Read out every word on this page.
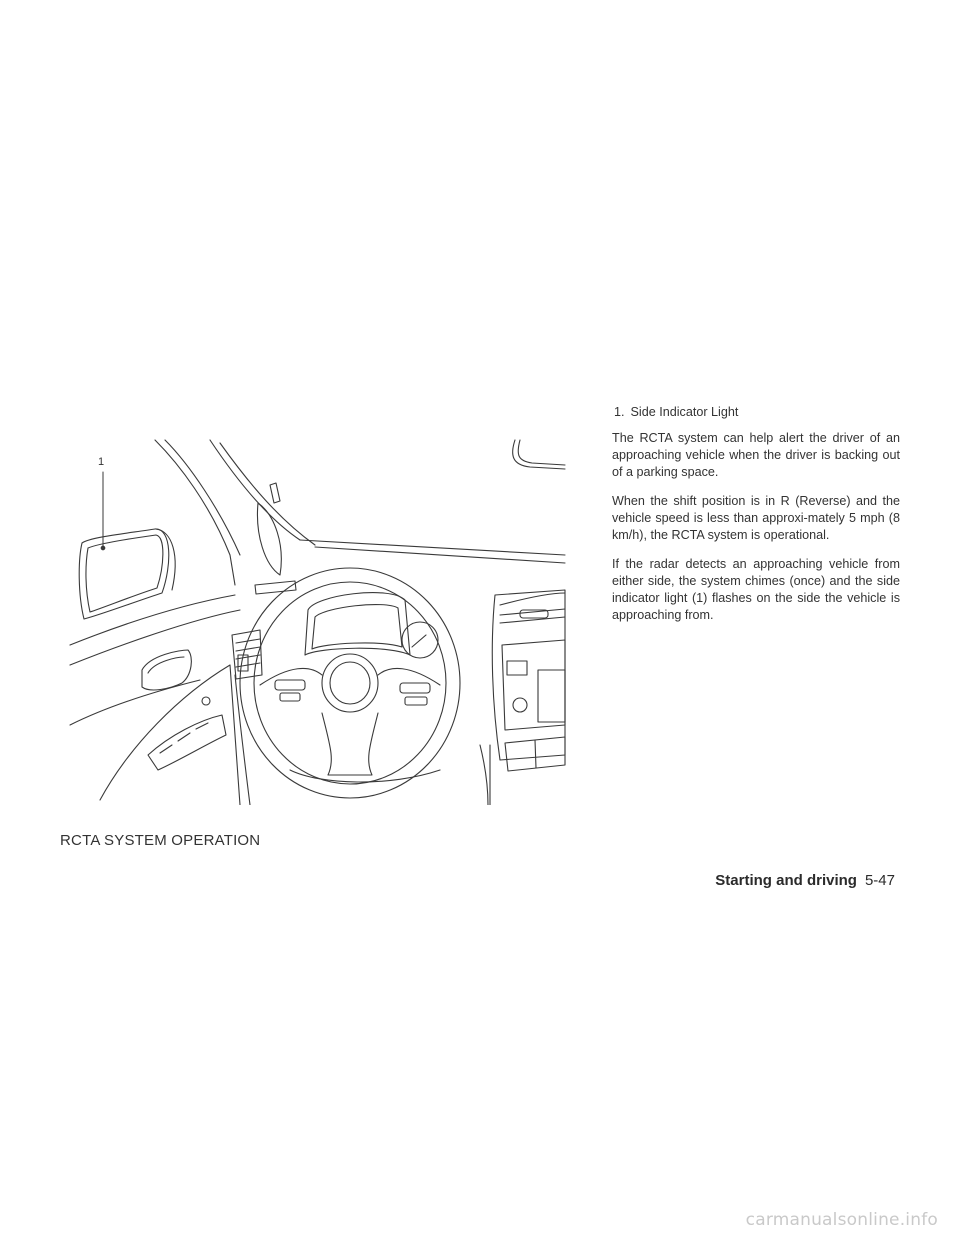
1
RCTA SYSTEM OPERATION
1. Side Indicator Light

The RCTA system can help alert the driver of an approaching vehicle when the driver is backing out of a parking space.

When the shift position is in R (Reverse) and the vehicle speed is less than approxi-mately 5 mph (8 km/h), the RCTA system is operational.

If the radar detects an approaching vehicle from either side, the system chimes (once) and the side indicator light (1) flashes on the side the vehicle is approaching from.

Starting and driving 5-47
carmanualsonline.info
